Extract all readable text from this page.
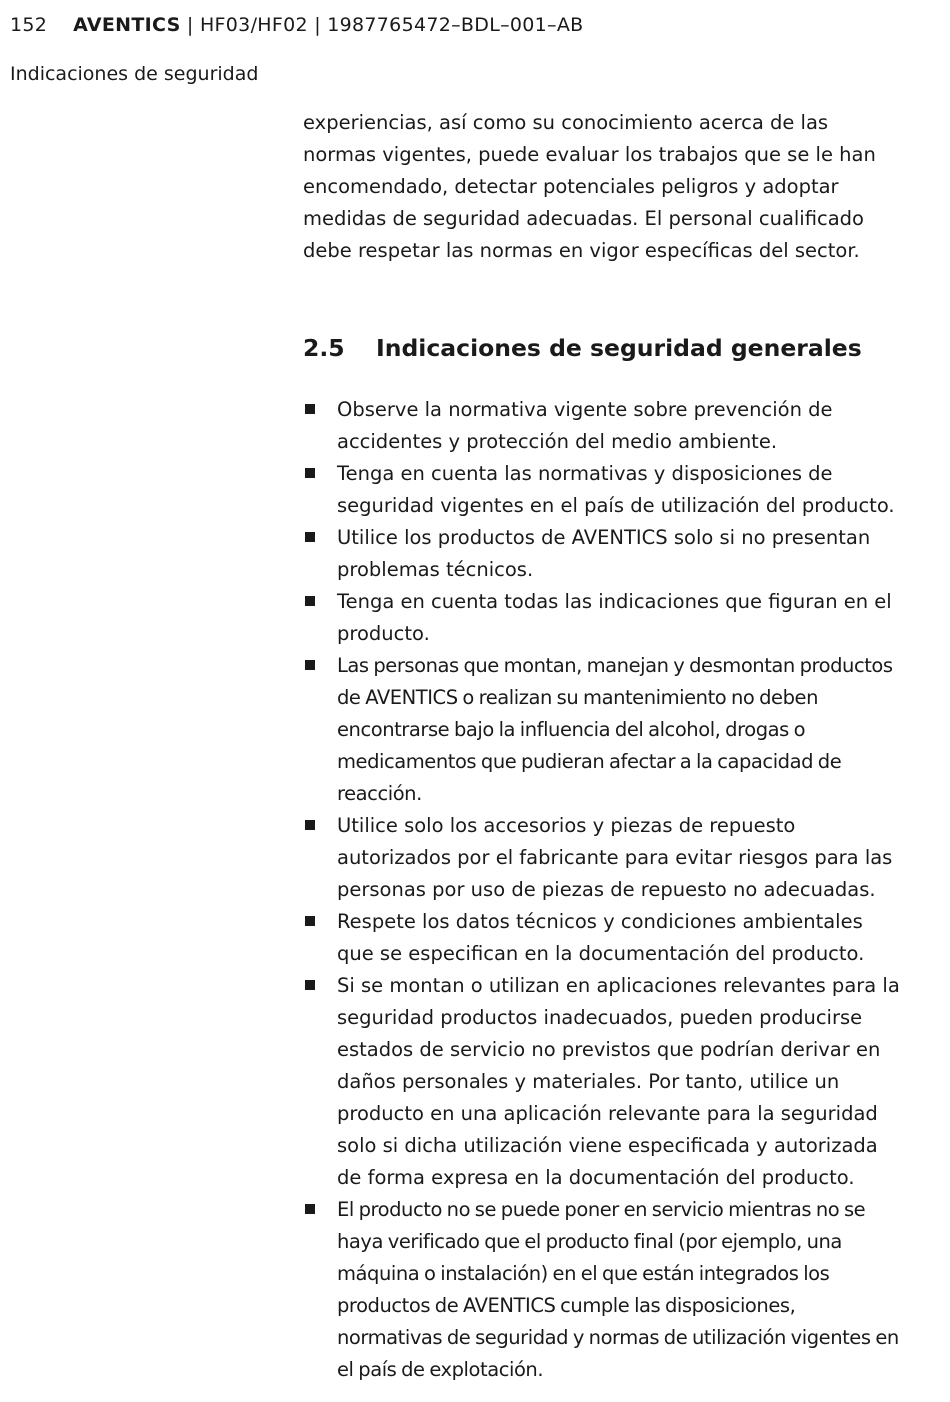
152 AVENTICS | HF03/HF02 | 1987765472–BDL–001–AB
Indicaciones de seguridad

experiencias, así como su conocimiento acerca de las normas vigentes, puede evaluar los trabajos que se le han encomendado, detectar potenciales peligros y adoptar medidas de seguridad adecuadas. El personal cualificado debe respetar las normas en vigor específicas del sector.

2.5	Indicaciones de seguridad generales
Observe la normativa vigente sobre prevención de accidentes y protección del medio ambiente.
Tenga en cuenta las normativas y disposiciones de seguridad vigentes en el país de utilización del producto.
Utilice los productos de AVENTICS solo si no presentan problemas técnicos.
Tenga en cuenta todas las indicaciones que figuran en el producto.
Las personas que montan, manejan y desmontan productos de AVENTICS o realizan su mantenimiento no deben encontrarse bajo la influencia del alcohol, drogas o medicamentos que pudieran afectar a la capacidad de reacción.
Utilice solo los accesorios y piezas de repuesto autorizados por el fabricante para evitar riesgos para las personas por uso de piezas de repuesto no adecuadas.
Respete los datos técnicos y condiciones ambientales que se especifican en la documentación del producto.
Si se montan o utilizan en aplicaciones relevantes para la seguridad productos inadecuados, pueden producirse estados de servicio no previstos que podrían derivar en daños personales y materiales. Por tanto, utilice un producto en una aplicación relevante para la seguridad solo si dicha utilización viene especificada y autorizada de forma expresa en la documentación del producto.
El producto no se puede poner en servicio mientras no se haya verificado que el producto final (por ejemplo, una máquina o instalación) en el que están integrados los productos de AVENTICS cumple las disposiciones, normativas de seguridad y normas de utilización vigentes en el país de explotación.
